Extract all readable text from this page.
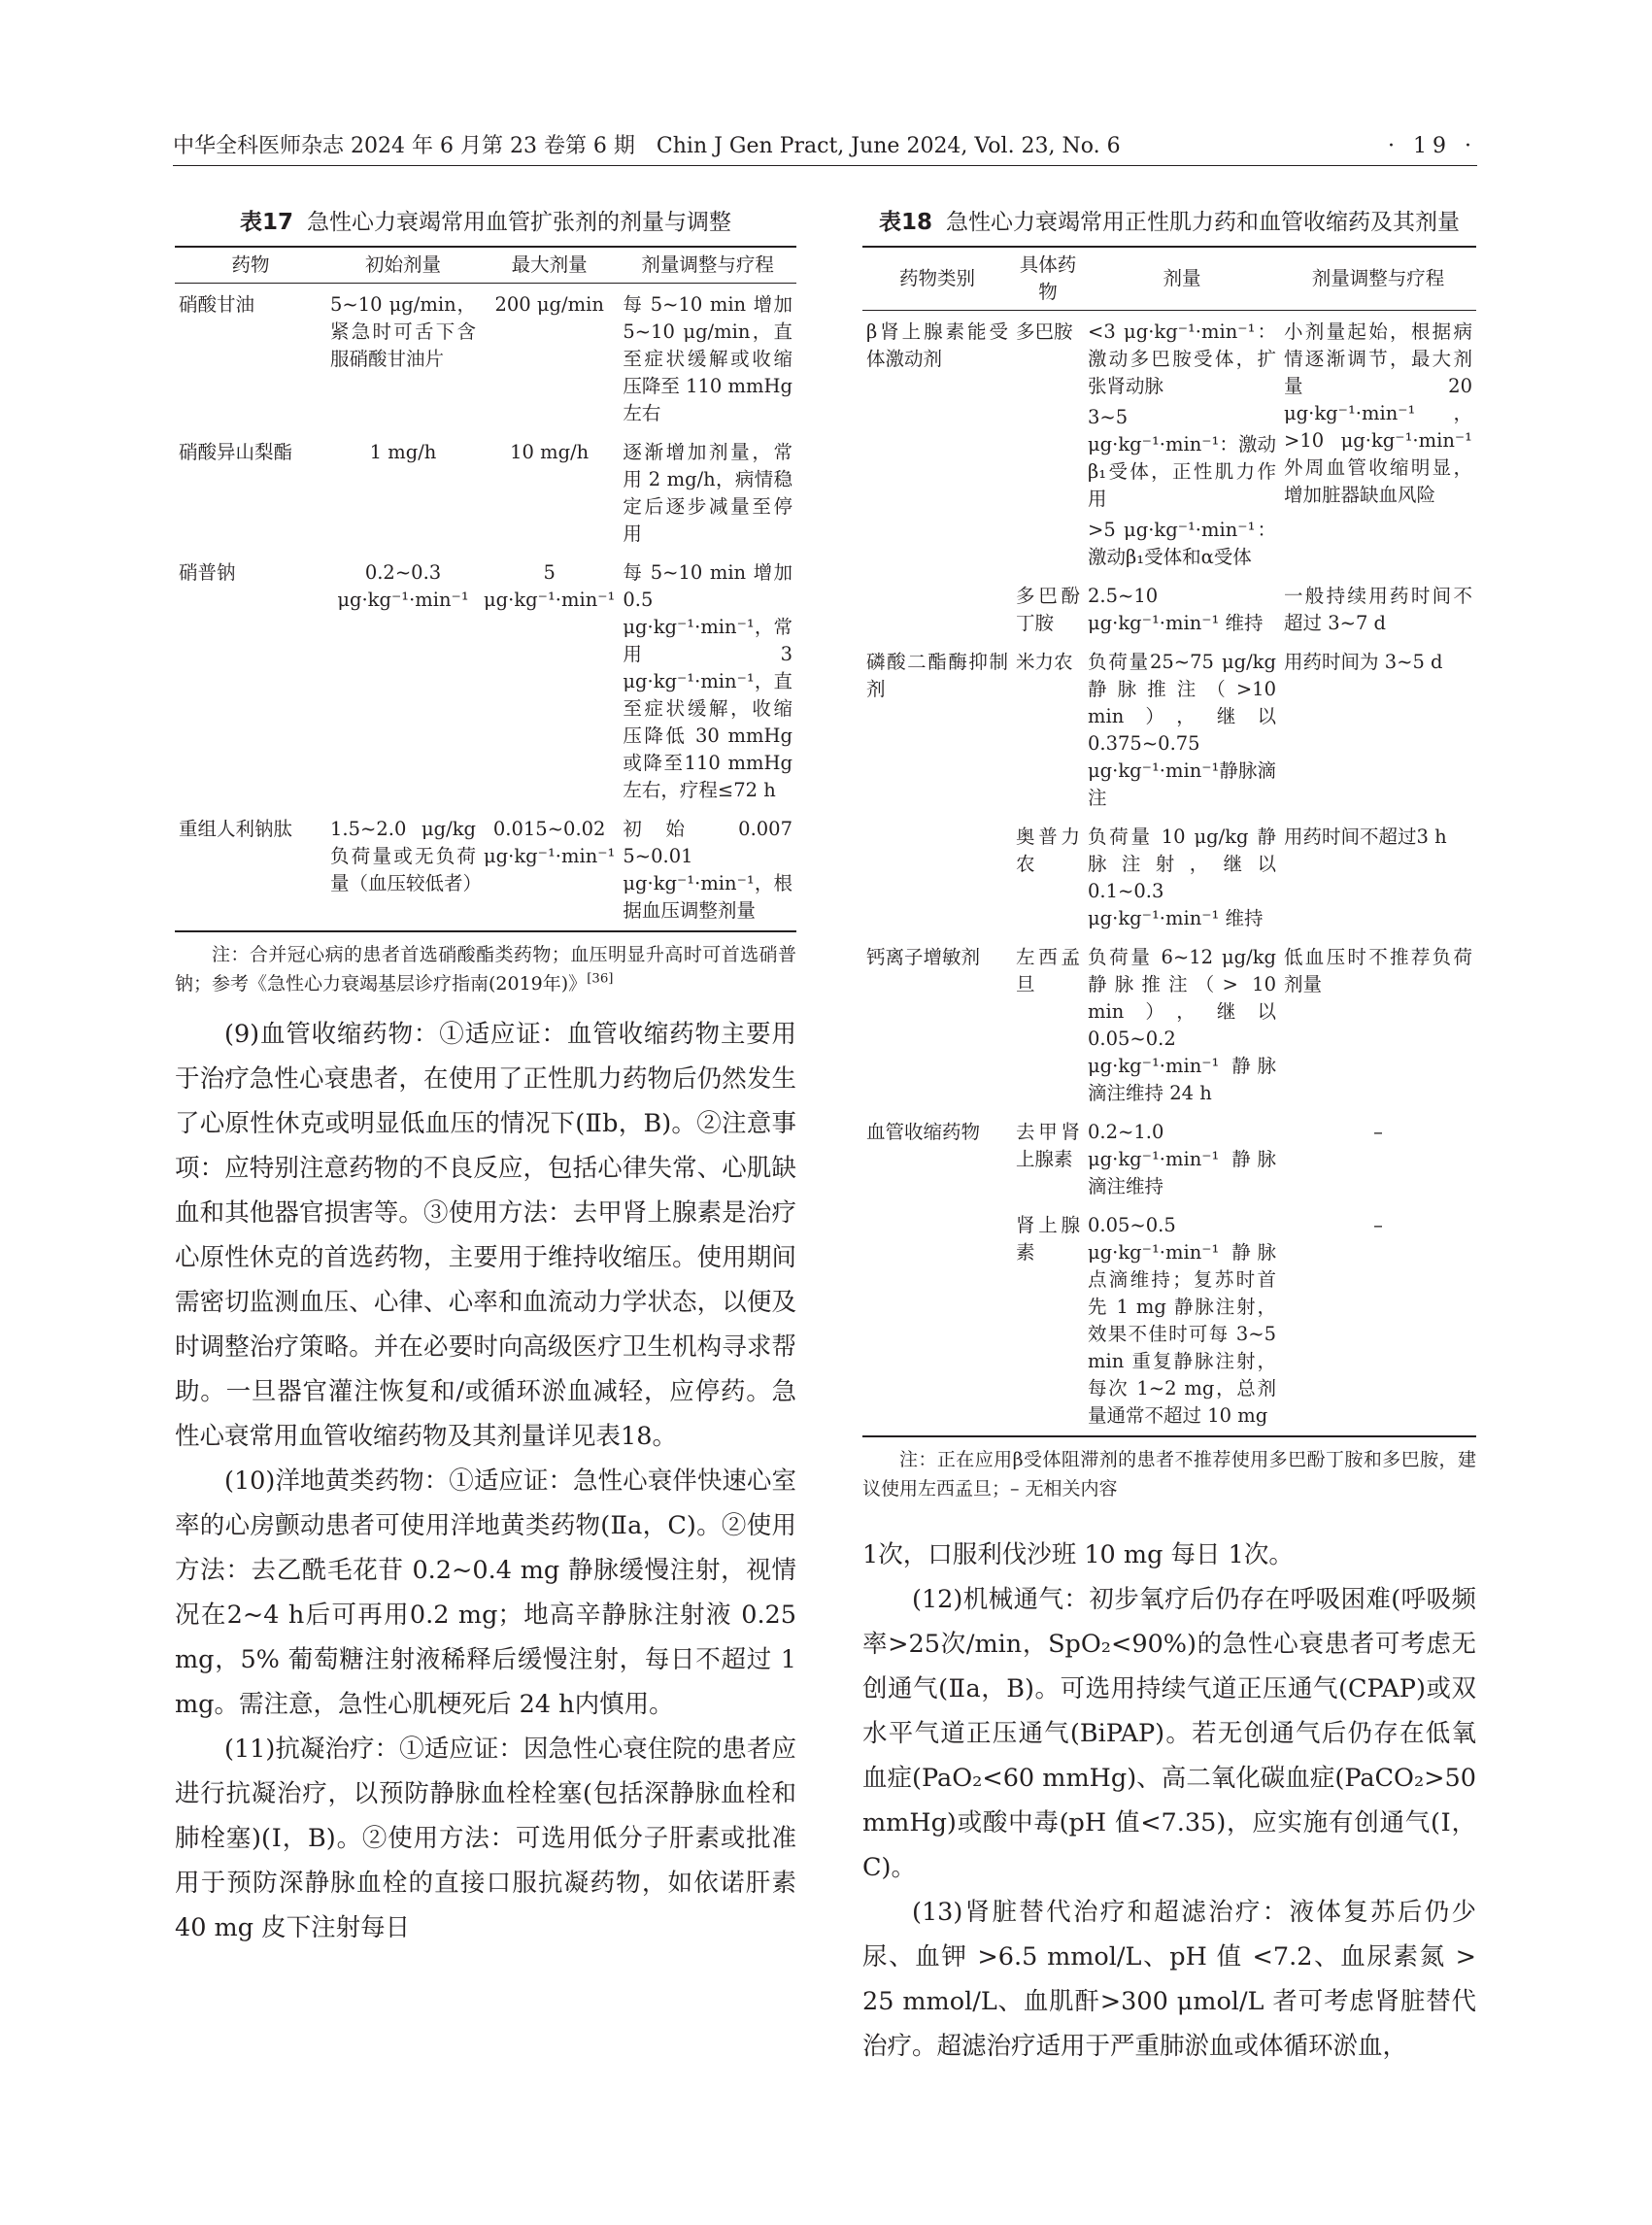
中华全科医师杂志 2024 年 6 月第 23 卷第 6 期　Chin J Gen Pract, June 2024, Vol. 23, No. 6	· 19 ·
表17 急性心力衰竭常用血管扩张剂的剂量与调整
药物	初始剂量	最大剂量	剂量调整与疗程
硝酸甘油	5~10 μg/min，紧急时可舌下含服硝酸甘油片	200 μg/min	每 5~10 min 增加 5~10 μg/min，直至症状缓解或收缩压降至 110 mmHg左右
硝酸异山梨酯	1 mg/h	10 mg/h	逐渐增加剂量，常用 2 mg/h，病情稳定后逐步减量至停用
硝普钠	0.2~0.3 μg·kg⁻¹·min⁻¹	5 μg·kg⁻¹·min⁻¹	每 5~10 min 增加 0.5 μg·kg⁻¹·min⁻¹，常用3 μg·kg⁻¹·min⁻¹，直至症状缓解，收缩压降低 30 mmHg 或降至110 mmHg 左右，疗程≤72 h
重组人利钠肽	1.5~2.0 μg/kg 负荷量或无负荷量（血压较低者）	0.015~0.02 μg·kg⁻¹·min⁻¹	初始 0.007 5~0.01 μg·kg⁻¹·min⁻¹，根据血压调整剂量

注：合并冠心病的患者首选硝酸酯类药物；血压明显升高时可首选硝普钠；参考《急性心力衰竭基层诊疗指南(2019年)》[36]

(9)血管收缩药物：①适应证：血管收缩药物主要用于治疗急性心衰患者，在使用了正性肌力药物后仍然发生了心原性休克或明显低血压的情况下(Ⅱb，B)。②注意事项：应特别注意药物的不良反应，包括心律失常、心肌缺血和其他器官损害等。③使用方法：去甲肾上腺素是治疗心原性休克的首选药物，主要用于维持收缩压。使用期间需密切监测血压、心律、心率和血流动力学状态，以便及时调整治疗策略。并在必要时向高级医疗卫生机构寻求帮助。一旦器官灌注恢复和/或循环淤血减轻，应停药。急性心衰常用血管收缩药物及其剂量详见表18。

(10)洋地黄类药物：①适应证：急性心衰伴快速心室率的心房颤动患者可使用洋地黄类药物(Ⅱa，C)。②使用方法：去乙酰毛花苷 0.2~0.4 mg 静脉缓慢注射，视情况在2~4 h后可再用0.2 mg；地高辛静脉注射液 0.25 mg，5% 葡萄糖注射液稀释后缓慢注射，每日不超过 1 mg。需注意，急性心肌梗死后 24 h内慎用。

(11)抗凝治疗：①适应证：因急性心衰住院的患者应进行抗凝治疗，以预防静脉血栓栓塞(包括深静脉血栓和肺栓塞)(Ⅰ，B)。②使用方法：可选用低分子肝素或批准用于预防深静脉血栓的直接口服抗凝药物，如依诺肝素 40 mg 皮下注射每日

表18 急性心力衰竭常用正性肌力药和血管收缩药及其剂量
药物类别	具体药物	剂量	剂量调整与疗程
β肾上腺素能受体激动剂	多巴胺	<3 μg·kg⁻¹·min⁻¹：激动多巴胺受体，扩张肾动脉	小剂量起始，根据病情逐渐调节，最大剂量 20 μg·kg⁻¹·min⁻¹，>10 μg·kg⁻¹·min⁻¹ 外周血管收缩明显，增加脏器缺血风险
		3~5 μg·kg⁻¹·min⁻¹：激动β₁受体，正性肌力作用	
		>5 μg·kg⁻¹·min⁻¹：激动β₁受体和α受体	
	多巴酚丁胺	2.5~10 μg·kg⁻¹·min⁻¹ 维持	一般持续用药时间不超过 3~7 d
磷酸二酯酶抑制剂	米力农	负荷量25~75 μg/kg静脉推注（>10 min），继以0.375~0.75 μg·kg⁻¹·min⁻¹静脉滴注	用药时间为 3~5 d
	奥普力农	负荷量 10 μg/kg 静脉注射，继以 0.1~0.3 μg·kg⁻¹·min⁻¹ 维持	用药时间不超过3 h
钙离子增敏剂	左西孟旦	负荷量 6~12 μg/kg 静脉推注（> 10 min），继以 0.05~0.2 μg·kg⁻¹·min⁻¹ 静脉滴注维持 24 h	低血压时不推荐负荷剂量
血管收缩药物	去甲肾上腺素	0.2~1.0 μg·kg⁻¹·min⁻¹ 静脉滴注维持	–
	肾上腺素	0.05~0.5 μg·kg⁻¹·min⁻¹ 静脉点滴维持；复苏时首先 1 mg 静脉注射，效果不佳时可每 3~5 min 重复静脉注射，每次 1~2 mg，总剂量通常不超过 10 mg	–

注：正在应用β受体阻滞剂的患者不推荐使用多巴酚丁胺和多巴胺，建议使用左西孟旦；– 无相关内容

1次，口服利伐沙班 10 mg 每日 1次。

(12)机械通气：初步氧疗后仍存在呼吸困难(呼吸频率>25次/min，SpO₂<90%)的急性心衰患者可考虑无创通气(Ⅱa，B)。可选用持续气道正压通气(CPAP)或双水平气道正压通气(BiPAP)。若无创通气后仍存在低氧血症(PaO₂<60 mmHg)、高二氧化碳血症(PaCO₂>50 mmHg)或酸中毒(pH 值<7.35)，应实施有创通气(Ⅰ，C)。

(13)肾脏替代治疗和超滤治疗：液体复苏后仍少尿、血钾 >6.5 mmol/L、pH 值 <7.2、血尿素氮 > 25 mmol/L、血肌酐>300 μmol/L 者可考虑肾脏替代治疗。超滤治疗适用于严重肺淤血或体循环淤血，
